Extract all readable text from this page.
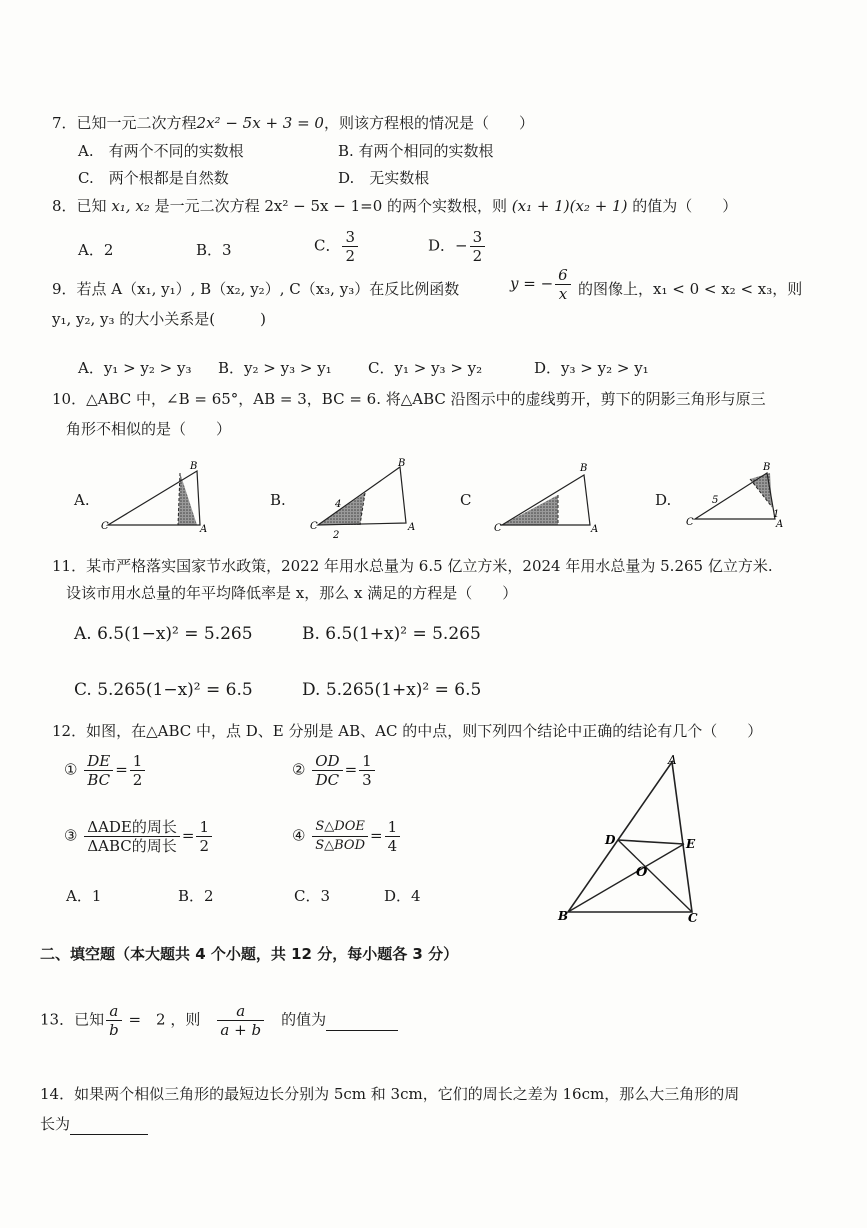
7．已知一元二次方程2x² − 5x + 3 = 0，则该方程根的情况是（　　）
A.　有两个不同的实数根	B. 有两个相同的实数根
C.　两个根都是自然数	D.　无实数根
8．已知 x₁, x₂ 是一元二次方程 2x² − 5x − 1=0 的两个实数根，则 (x₁ + 1)(x₂ + 1) 的值为（　　）
A．2	B．3	C． $\frac{3}{2}$	D．− $\frac{3}{2}$
9．若点 A（x₁, y₁）, B（x₂, y₂）, C（x₃, y₃）在反比例函数	y = − $\frac{6}{x}$ 的图像上，x₁ < 0 < x₂ < x₃，则
y₁, y₂, y₃ 的大小关系是(　　　)
A．y₁ > y₂ > y₃ B．y₂ > y₃ > y₁ C．y₁ > y₃ > y₂	D．y₃ > y₂ > y₁
10．△ABC 中，∠B = 65°，AB = 3，BC = 6. 将△ABC 沿图示中的虚线剪开，剪下的阴影三角形与原三
角形不相似的是（　　）
A.	B.	C	D.
B
C	A
B
C	A
4
2
B
C	A
B
C	A
5
1
11．某市严格落实国家节水政策，2022 年用水总量为 6.5 亿立方米，2024 年用水总量为 5.265 亿立方米.
设该市用水总量的年平均降低率是 x，那么 x 满足的方程是（　　）
A. 6.5(1−x)² = 5.265	B. 6.5(1+x)² = 5.265
C. 5.265(1−x)² = 6.5	D. 5.265(1+x)² = 6.5
12．如图，在△ABC 中，点 D、E 分别是 AB、AC 的中点，则下列四个结论中正确的结论有几个（　　）
① $\frac{DE}{BC} = \frac{1}{2}$	② $\frac{OD}{DC} = \frac{1}{3}$
③ $\frac{\text{ΔADE的周长}}{\text{ΔABC的周长}} = \frac{1}{2}$	④ $\frac{\text{S△DOE}}{\text{S△BOD}} = \frac{1}{4}$
A．1	B．2	C．3	D．4
A
D	E
O
B	C
二、填空题（本大题共 4 个小题，共 12 分，每小题各 3 分）
13．已知 $\frac{a}{b}$ =　2 ，则　 $\frac{a}{a + b}$
　 的值为
14．如果两个相似三角形的最短边长分别为 5cm 和 3cm，它们的周长之差为 16cm，那么大三角形的周
长为
